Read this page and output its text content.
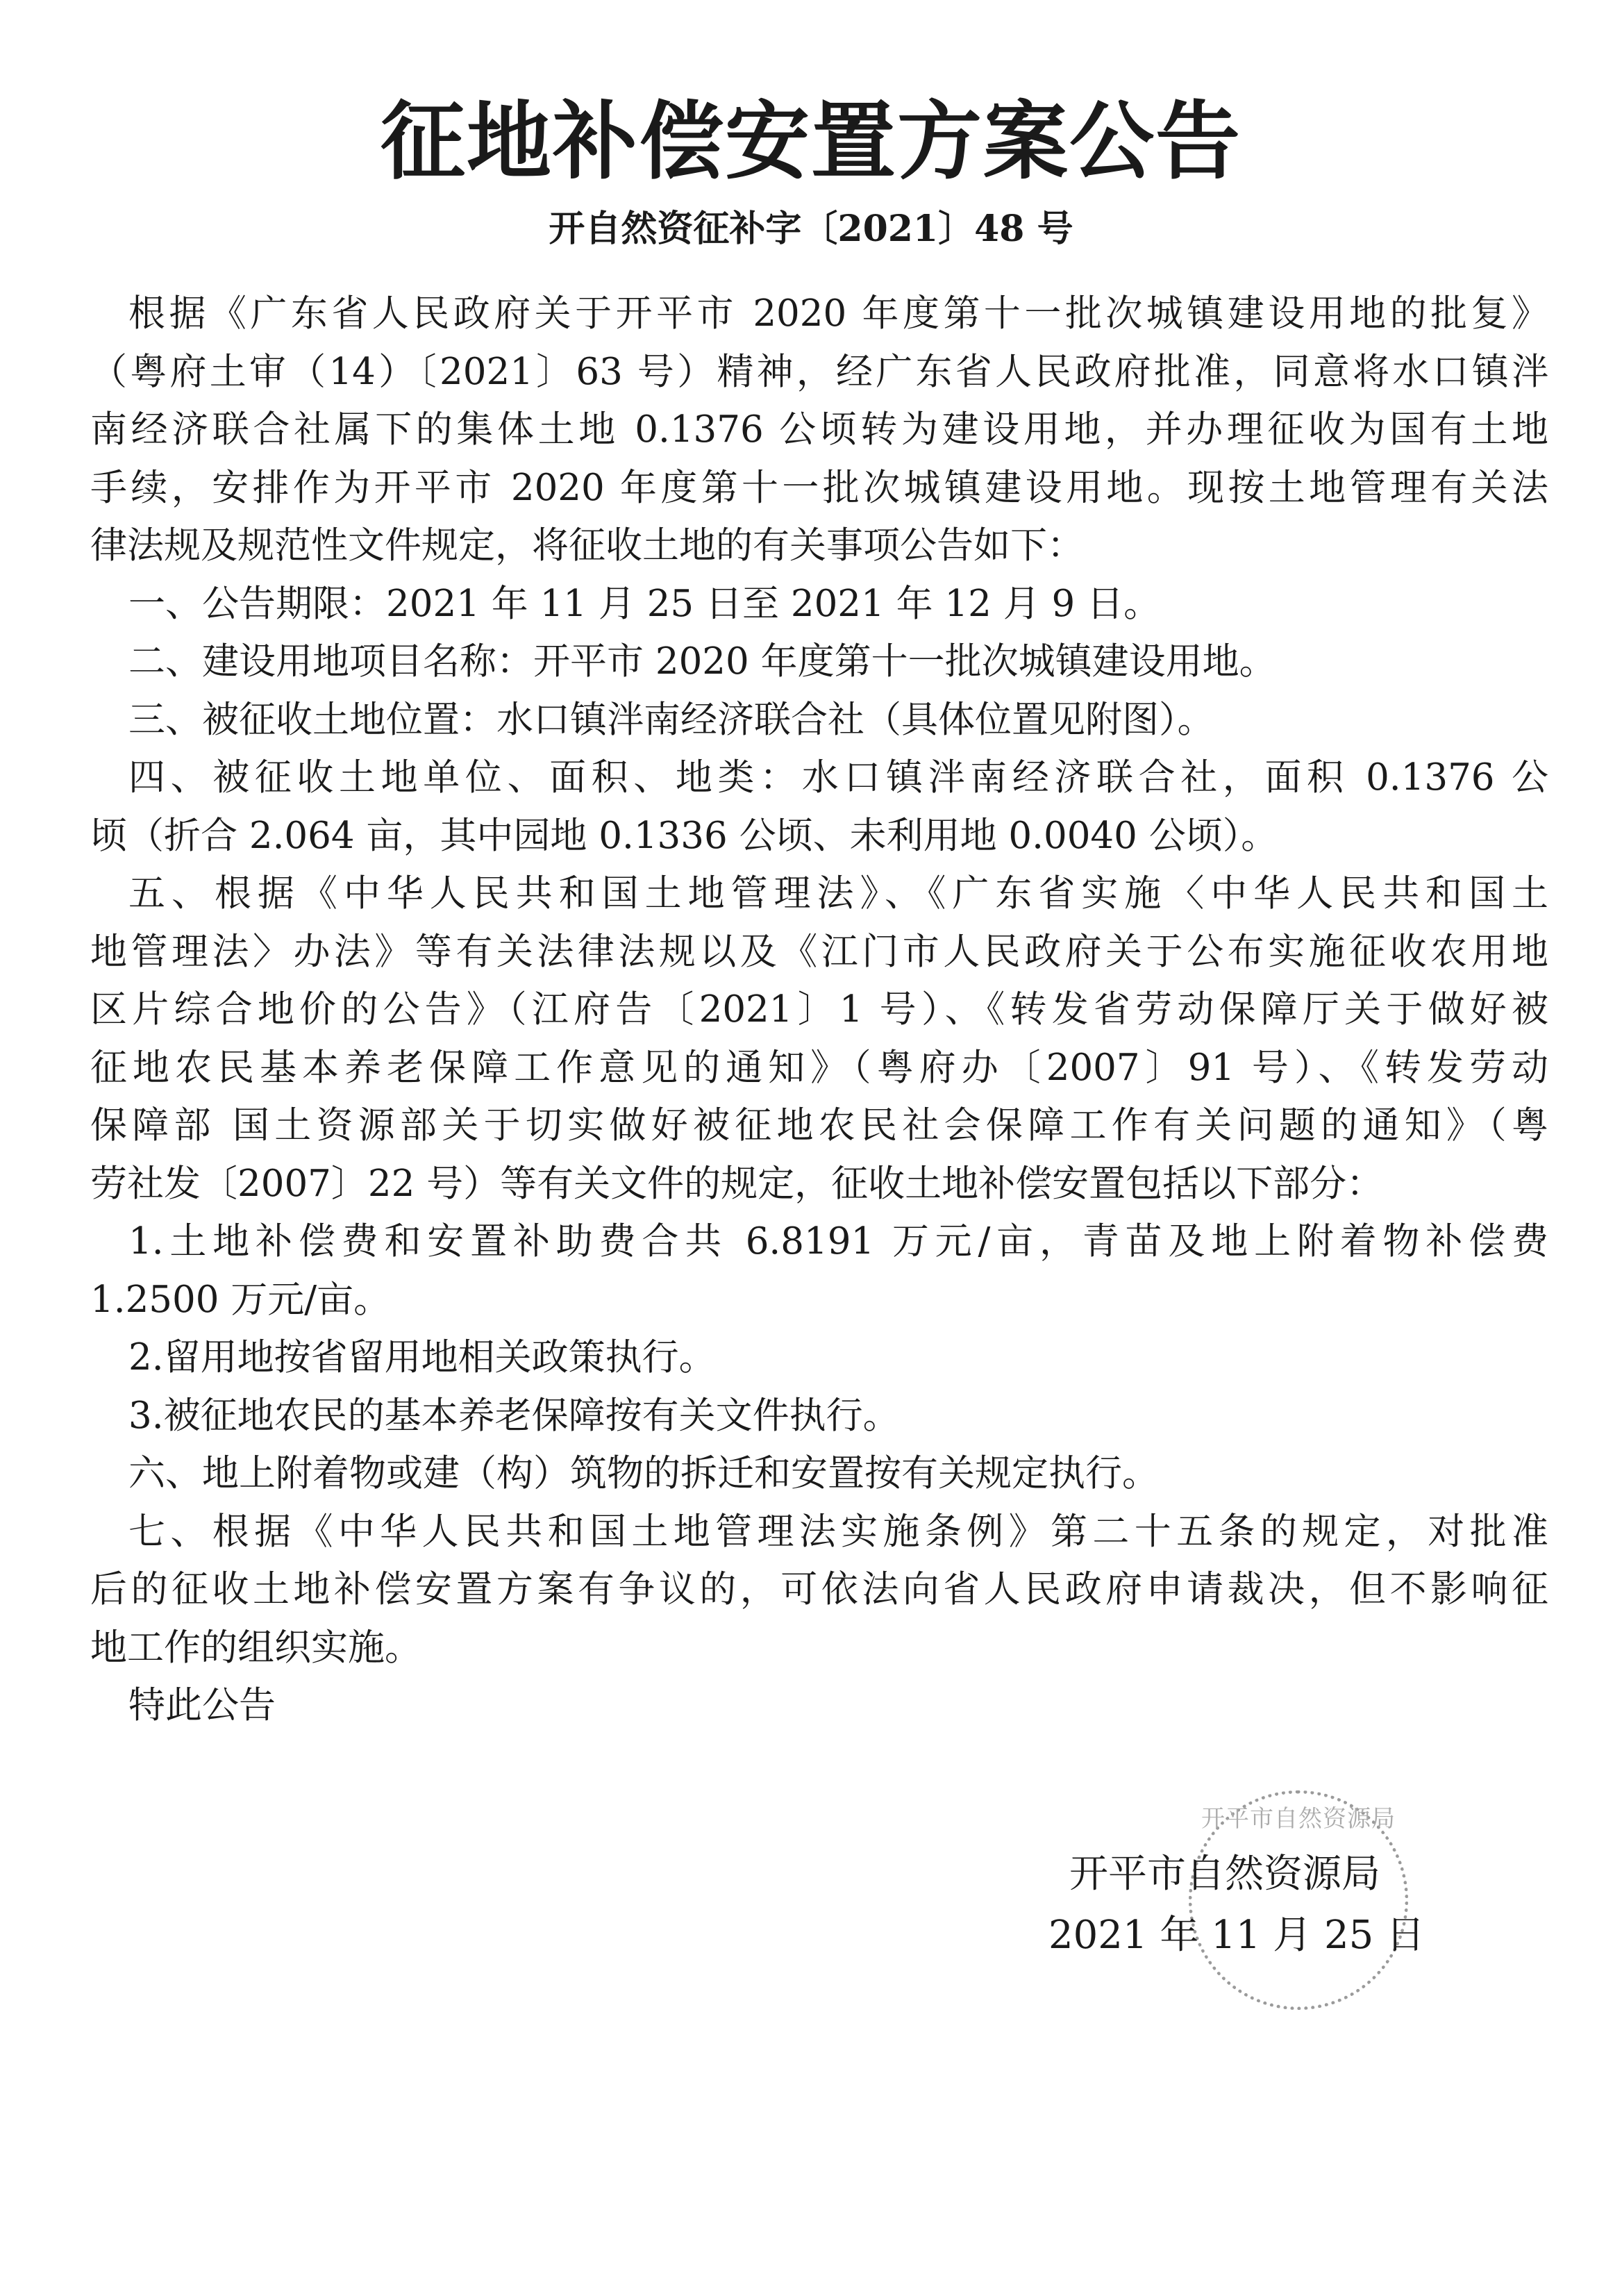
征地补偿安置方案公告
开自然资征补字〔2021〕48 号
根据《广东省人民政府关于开平市 2020 年度第十一批次城镇建设用地的批复》
（粤府土审（14）〔2021〕63 号）精神，经广东省人民政府批准，同意将水口镇泮
南经济联合社属下的集体土地 0.1376 公顷转为建设用地，并办理征收为国有土地
手续，安排作为开平市 2020 年度第十一批次城镇建设用地。现按土地管理有关法
律法规及规范性文件规定，将征收土地的有关事项公告如下：
一、公告期限：2021 年 11 月 25 日至 2021 年 12 月 9 日。
二、建设用地项目名称：开平市 2020 年度第十一批次城镇建设用地。
三、被征收土地位置：水口镇泮南经济联合社（具体位置见附图）。
四、被征收土地单位、面积、地类：水口镇泮南经济联合社，面积 0.1376 公
顷（折合 2.064 亩，其中园地 0.1336 公顷、未利用地 0.0040 公顷）。
五、根据《中华人民共和国土地管理法》、《广东省实施〈中华人民共和国土
地管理法〉办法》等有关法律法规以及《江门市人民政府关于公布实施征收农用地
区片综合地价的公告》（江府告〔2021〕1 号）、《转发省劳动保障厅关于做好被
征地农民基本养老保障工作意见的通知》（粤府办〔2007〕91 号）、《转发劳动
保障部 国土资源部关于切实做好被征地农民社会保障工作有关问题的通知》（粤
劳社发〔2007〕22 号）等有关文件的规定，征收土地补偿安置包括以下部分：
1.土地补偿费和安置补助费合共 6.8191 万元/亩，青苗及地上附着物补偿费
1.2500 万元/亩。
2.留用地按省留用地相关政策执行。
3.被征地农民的基本养老保障按有关文件执行。
六、地上附着物或建（构）筑物的拆迁和安置按有关规定执行。
七、根据《中华人民共和国土地管理法实施条例》第二十五条的规定，对批准
后的征收土地补偿安置方案有争议的，可依法向省人民政府申请裁决，但不影响征
地工作的组织实施。
特此公告
开平市自然资源局
开平市自然资源局
2021 年 11 月 25 日
